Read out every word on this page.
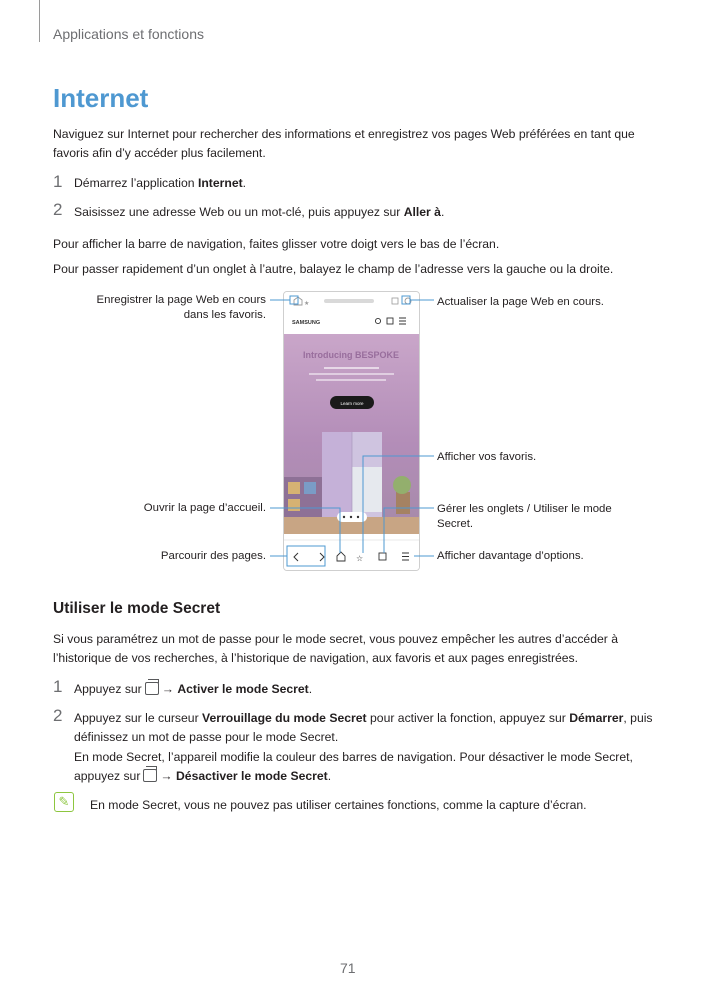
Applications et fonctions
Internet
Naviguez sur Internet pour rechercher des informations et enregistrez vos pages Web préférées en tant que favoris afin d’y accéder plus facilement.
1 Démarrez l’application Internet.
2 Saisissez une adresse Web ou un mot-clé, puis appuyez sur Aller à.
Pour afficher la barre de navigation, faites glisser votre doigt vers le bas de l’écran.
Pour passer rapidement d’un onglet à l’autre, balayez le champ de l’adresse vers la gauche ou la droite.
★
SAMSUNG
Introducing BESPOKE
Learn more
☆
Enregistrer la page Web en cours
dans les favoris.
Actualiser la page Web en cours.
Afficher vos favoris.
Ouvrir la page d’accueil.	Gérer les onglets / Utiliser le mode
Secret.
Parcourir des pages.	Afficher davantage d’options.
Utiliser le mode Secret
Si vous paramétrez un mot de passe pour le mode secret, vous pouvez empêcher les autres d’accéder à l’historique de vos recherches, à l’historique de navigation, aux favoris et aux pages enregistrées.
1 Appuyez sur → Activer le mode Secret.
2 Appuyez sur le curseur Verrouillage du mode Secret pour activer la fonction, appuyez sur Démarrer, puis définissez un mot de passe pour le mode Secret.
En mode Secret, l’appareil modifie la couleur des barres de navigation. Pour désactiver le mode Secret, appuyez sur → Désactiver le mode Secret.
✎	En mode Secret, vous ne pouvez pas utiliser certaines fonctions, comme la capture d’écran.
71
